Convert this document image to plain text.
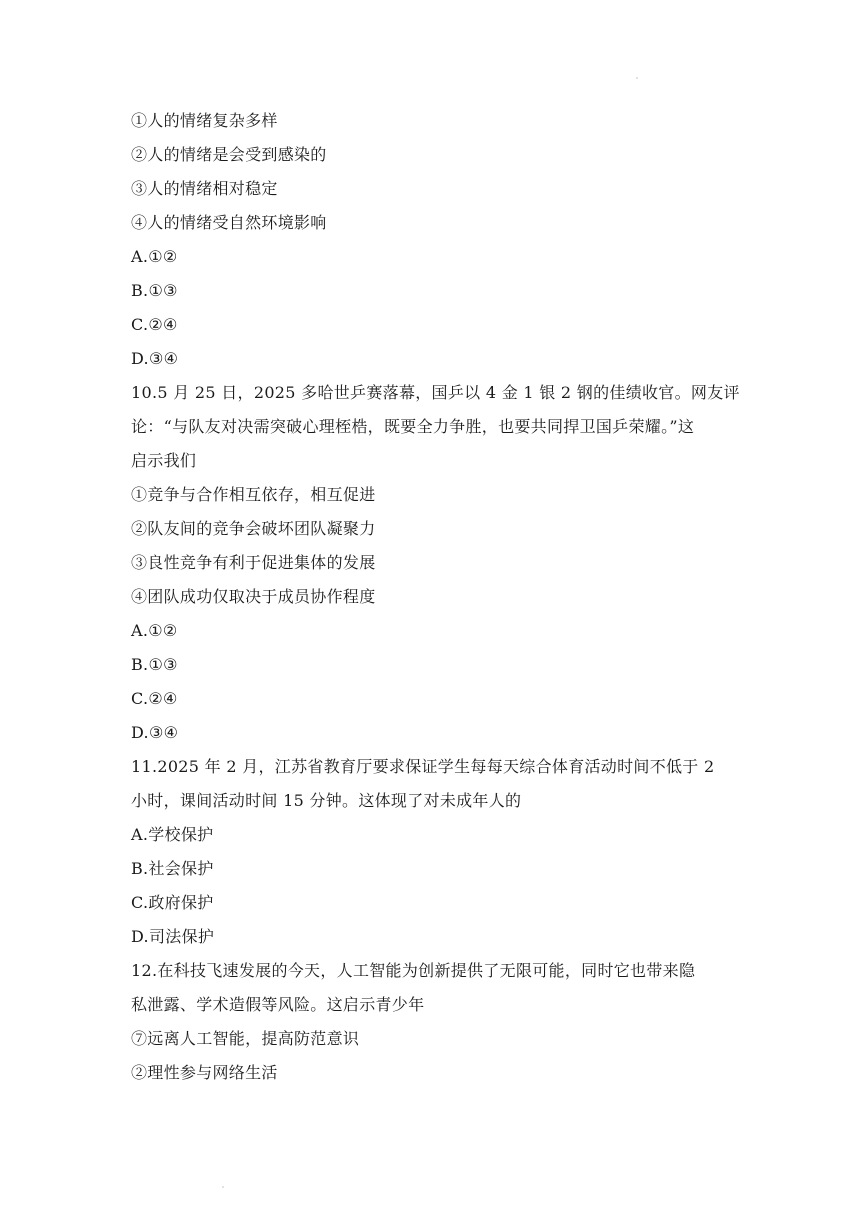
①人的情绪复杂多样
②人的情绪是会受到感染的
③人的情绪相对稳定
④人的情绪受自然环境影响
A.①②
B.①③
C.②④
D.③④
10.5 月 25 日，2025 多哈世乒赛落幕，国乒以 4 金 1 银 2 钢的佳绩收官。网友评
论：“与队友对决需突破心理桎梏，既要全力争胜，也要共同捍卫国乒荣耀。”这
启示我们
①竞争与合作相互依存，相互促进
②队友间的竞争会破坏团队凝聚力
③良性竞争有利于促进集体的发展
④团队成功仅取决于成员协作程度
A.①②
B.①③
C.②④
D.③④
11.2025 年 2 月，江苏省教育厅要求保证学生每每天综合体育活动时间不低于 2
小时，课间活动时间 15 分钟。这体现了对未成年人的
A.学校保护
B.社会保护
C.政府保护
D.司法保护
12.在科技飞速发展的今天，人工智能为创新提供了无限可能，同时它也带来隐
私泄露、学术造假等风险。这启示青少年
⑦远离人工智能，提高防范意识
②理性参与网络生活
